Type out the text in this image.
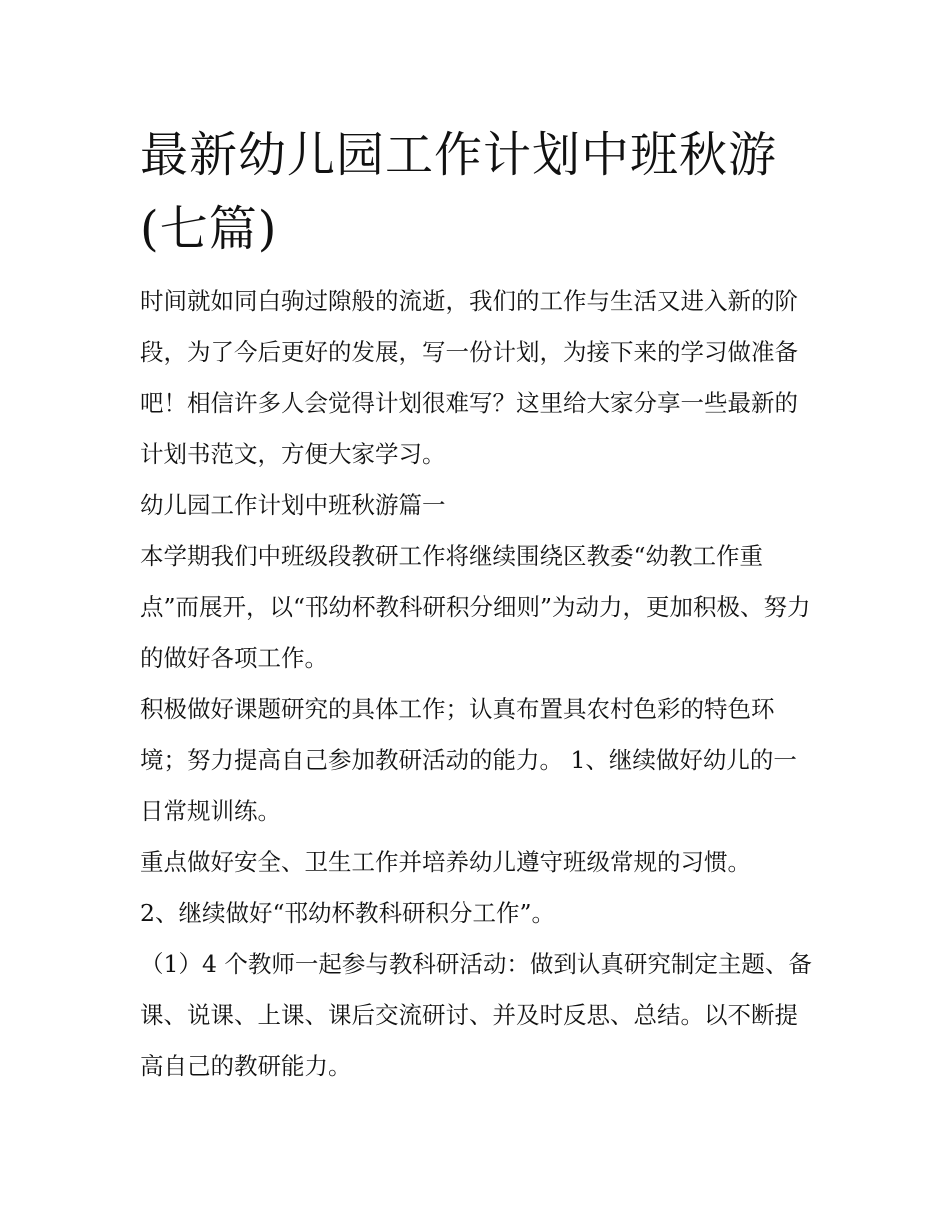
最新幼儿园工作计划中班秋游(七篇)

时间就如同白驹过隙般的流逝，我们的工作与生活又进入新的阶段，为了今后更好的发展，写一份计划，为接下来的学习做准备吧！相信许多人会觉得计划很难写？这里给大家分享一些最新的计划书范文，方便大家学习。

幼儿园工作计划中班秋游篇一

本学期我们中班级段教研工作将继续围绕区教委“幼教工作重点”而展开，以“邗幼杯教科研积分细则”为动力，更加积极、努力的做好各项工作。

积极做好课题研究的具体工作；认真布置具农村色彩的特色环境；努力提高自己参加教研活动的能力。 1、继续做好幼儿的一日常规训练。

重点做好安全、卫生工作并培养幼儿遵守班级常规的习惯。

2、继续做好“邗幼杯教科研积分工作”。

（1）4 个教师一起参与教科研活动：做到认真研究制定主题、备课、说课、上课、课后交流研讨、并及时反思、总结。以不断提高自己的教研能力。
